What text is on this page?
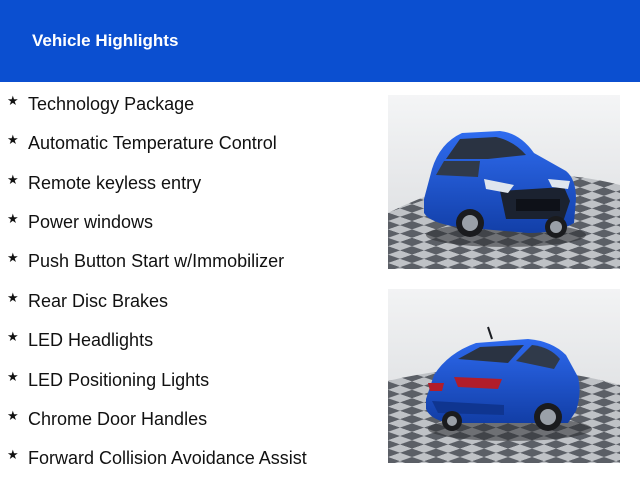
Vehicle Highlights
★ Technology Package
★ Automatic Temperature Control
★ Remote keyless entry
★ Power windows
★ Push Button Start w/Immobilizer
★ Rear Disc Brakes
★ LED Headlights
★ LED Positioning Lights
★ Chrome Door Handles
★ Forward Collision Avoidance Assist
